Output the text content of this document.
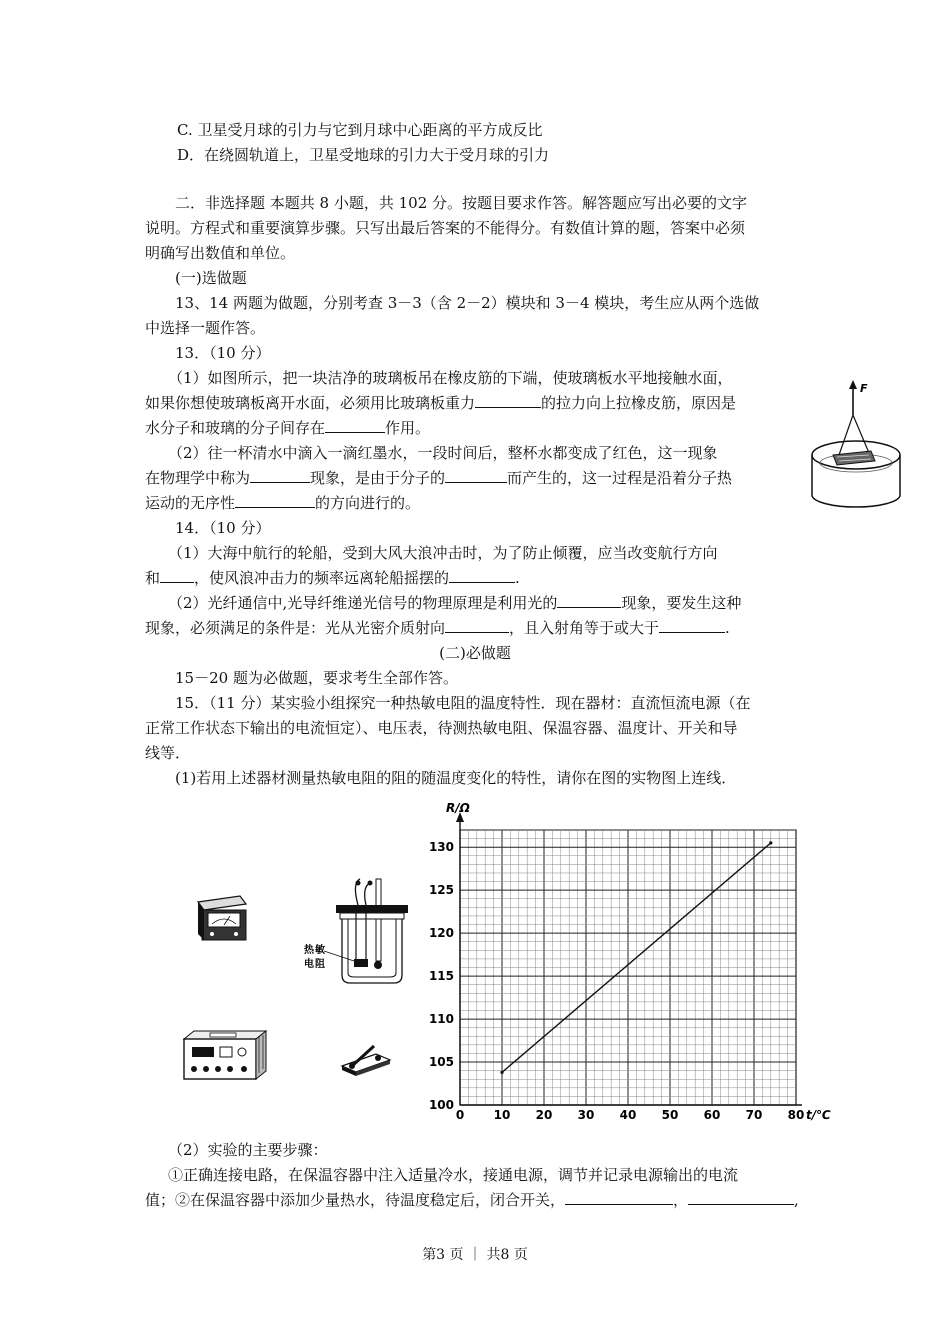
C. 卫星受月球的引力与它到月球中心距离的平方成反比
D．在绕圆轨道上，卫星受地球的引力大于受月球的引力
二．非选择题 本题共 8 小题，共 102 分。按题目要求作答。解答题应写出必要的文字
说明。方程式和重要演算步骤。只写出最后答案的不能得分。有数值计算的题，答案中必须
明确写出数值和单位。
(一)选做题
13、14 两题为做题，分别考查 3－3（含 2－2）模块和 3－4 模块，考生应从两个选做
中选择一题作答。
13．（10 分）
（1）如图所示，把一块洁净的玻璃板吊在橡皮筋的下端，使玻璃板水平地接触水面，
如果你想使玻璃板离开水面，必须用比玻璃板重力	的拉力向上拉橡皮筋，原因是
水分子和玻璃的分子间存在	作用。
（2）往一杯清水中滴入一滴红墨水，一段时间后，整杯水都变成了红色，这一现象
在物理学中称为	现象，是由于分子的	而产生的，这一过程是沿着分子热
运动的无序性	的方向进行的。
F
14．（10 分）
（1）大海中航行的轮船，受到大风大浪冲击时，为了防止倾覆，应当改变航行方向
和 ，使风浪冲击力的频率远离轮船摇摆的	.
（2）光纤通信中,光导纤维递光信号的物理原理是利用光的	现象，要发生这种
现象，必须满足的条件是：光从光密介质射向	，且入射角等于或大于	.
(二)必做题
15－20 题为必做题，要求考生全部作答。
15．（11 分）某实验小组探究一种热敏电阻的温度特性．现在器材：直流恒流电源（在
正常工作状态下输出的电流恒定）、电压表，待测热敏电阻、保温容器、温度计、开关和导
线等．
(1)若用上述器材测量热敏电阻的阻的随温度变化的特性，请你在图的实物图上连线．
热 敏
电 阻
R/Ω
t/℃
0 10 20 30 40 50 60 70 80
100
105
110
115
120
125
130
（2）实验的主要步骤：
①正确连接电路，在保温容器中注入适量冷水，接通电源，调节并记录电源输出的电流
值；②在保温容器中添加少量热水，待温度稳定后，闭合开关，	，	,
第3 页 ｜ 共8 页
